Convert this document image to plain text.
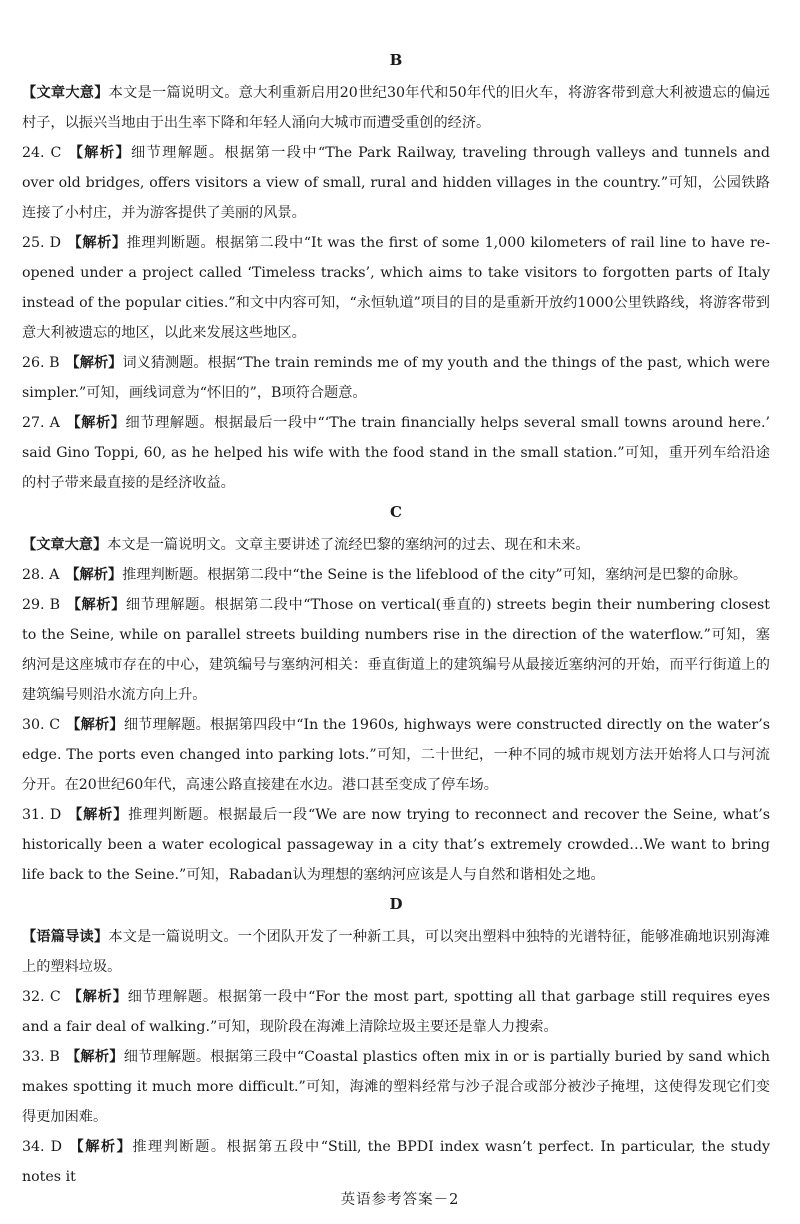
B

【文章大意】本文是一篇说明文。意大利重新启用20世纪30年代和50年代的旧火车，将游客带到意大利被遗忘的偏远村子，以振兴当地由于出生率下降和年轻人涌向大城市而遭受重创的经济。

24. C 【解析】细节理解题。根据第一段中“The Park Railway, traveling through valleys and tunnels and over old bridges, offers visitors a view of small, rural and hidden villages in the country.”可知，公园铁路连接了小村庄，并为游客提供了美丽的风景。

25. D 【解析】推理判断题。根据第二段中“It was the first of some 1,000 kilometers of rail line to have re-opened under a project called ‘Timeless tracks’, which aims to take visitors to forgotten parts of Italy instead of the popular cities.”和文中内容可知，“永恒轨道”项目的目的是重新开放约1000公里铁路线，将游客带到意大利被遗忘的地区，以此来发展这些地区。

26. B 【解析】词义猜测题。根据“The train reminds me of my youth and the things of the past, which were simpler.”可知，画线词意为“怀旧的”，B项符合题意。

27. A 【解析】细节理解题。根据最后一段中“‘The train financially helps several small towns around here.’ said Gino Toppi, 60, as he helped his wife with the food stand in the small station.”可知，重开列车给沿途的村子带来最直接的是经济收益。

C

【文章大意】本文是一篇说明文。文章主要讲述了流经巴黎的塞纳河的过去、现在和未来。

28. A 【解析】推理判断题。根据第二段中“the Seine is the lifeblood of the city”可知，塞纳河是巴黎的命脉。

29. B 【解析】细节理解题。根据第二段中“Those on vertical(垂直的) streets begin their numbering closest to the Seine, while on parallel streets building numbers rise in the direction of the waterflow.”可知，塞纳河是这座城市存在的中心，建筑编号与塞纳河相关：垂直街道上的建筑编号从最接近塞纳河的开始，而平行街道上的建筑编号则沿水流方向上升。

30. C 【解析】细节理解题。根据第四段中“In the 1960s, highways were constructed directly on the water’s edge. The ports even changed into parking lots.”可知，二十世纪，一种不同的城市规划方法开始将人口与河流分开。在20世纪60年代，高速公路直接建在水边。港口甚至变成了停车场。

31. D 【解析】推理判断题。根据最后一段“We are now trying to reconnect and recover the Seine, what’s historically been a water ecological passageway in a city that’s extremely crowded…We want to bring life back to the Seine.”可知，Rabadan认为理想的塞纳河应该是人与自然和谐相处之地。

D

【语篇导读】本文是一篇说明文。一个团队开发了一种新工具，可以突出塑料中独特的光谱特征，能够准确地识别海滩上的塑料垃圾。

32. C 【解析】细节理解题。根据第一段中“For the most part, spotting all that garbage still requires eyes and a fair deal of walking.”可知，现阶段在海滩上清除垃圾主要还是靠人力搜索。

33. B 【解析】细节理解题。根据第三段中“Coastal plastics often mix in or is partially buried by sand which makes spotting it much more difficult.”可知，海滩的塑料经常与沙子混合或部分被沙子掩埋，这使得发现它们变得更加困难。

34. D 【解析】推理判断题。根据第五段中“Still, the BPDI index wasn’t perfect. In particular, the study notes it

英语参考答案－2
